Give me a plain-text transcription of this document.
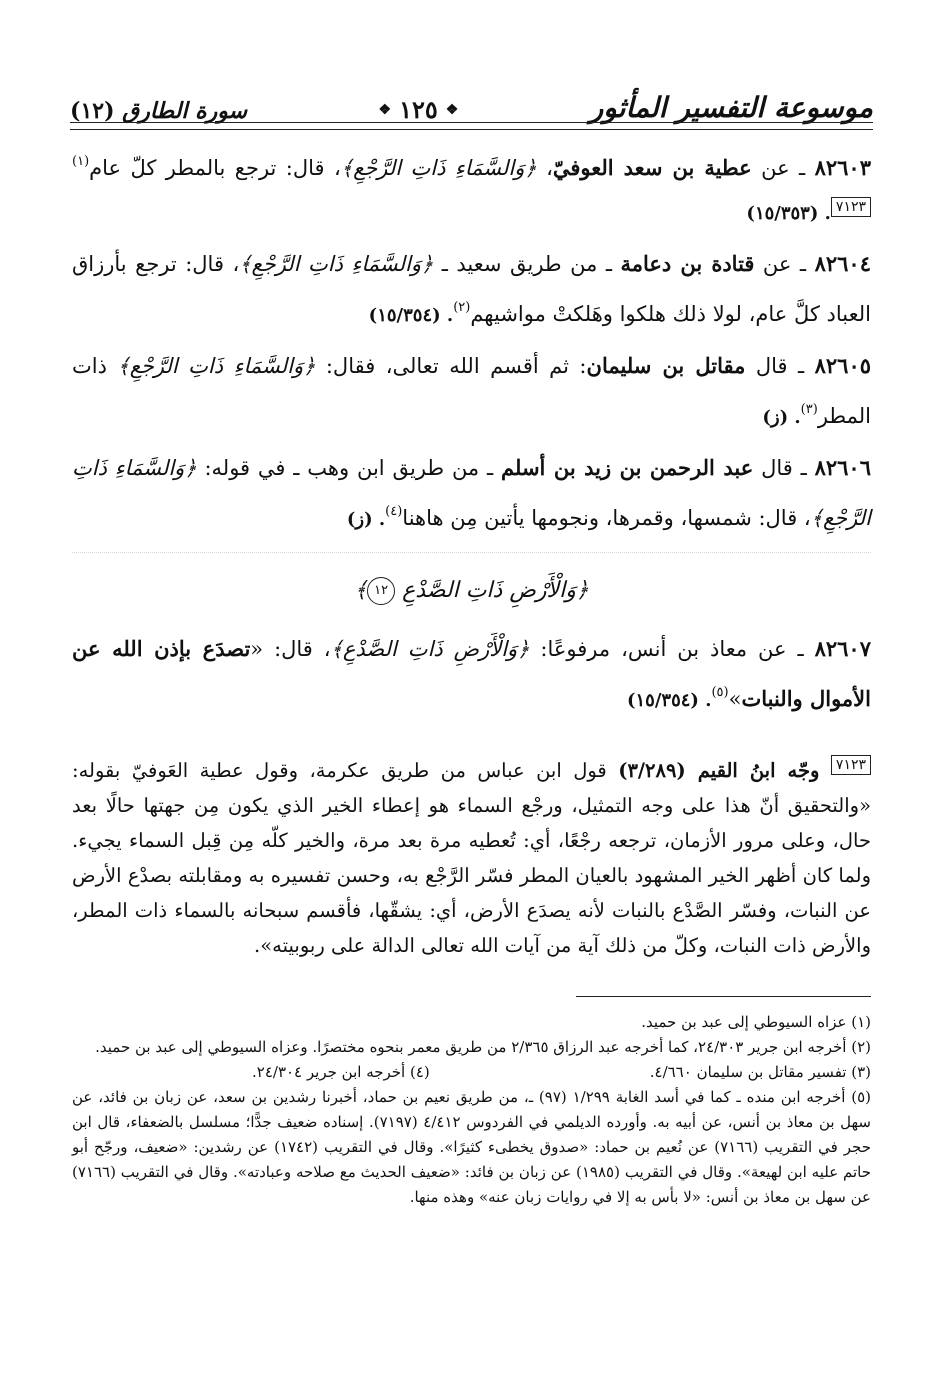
موسوعة التفسير المأثور
❖
١٢٥
❖
سورة الطارق (١٢)

٨٢٦٠٣ ـ عن عطية بن سعد العوفيّ، ﴿وَالسَّمَاءِ ذَاتِ الرَّجْعِ﴾، قال: ترجع بالمطر كلّ عام$^{(١)}$٧١٢٣. (١٥/٣٥٣)

٨٢٦٠٤ ـ عن قتادة بن دعامة ـ من طريق سعيد ـ ﴿وَالسَّمَاءِ ذَاتِ الرَّجْعِ﴾، قال: ترجع بأرزاق العباد كلَّ عام، لولا ذلك هلكوا وهَلكتْ مواشيهم$^{(٢)}$. (١٥/٣٥٤)

٨٢٦٠٥ ـ قال مقاتل بن سليمان: ثم أقسم الله تعالى، فقال: ﴿وَالسَّمَاءِ ذَاتِ الرَّجْعِ﴾ ذات المطر$^{(٣)}$. (ز)

٨٢٦٠٦ ـ قال عبد الرحمن بن زيد بن أسلم ـ من طريق ابن وهب ـ في قوله: ﴿وَالسَّمَاءِ ذَاتِ الرَّجْعِ﴾، قال: شمسها، وقمرها، ونجومها يأتين مِن هاهنا$^{(٤)}$. (ز)

﴿وَالْأَرْضِ ذَاتِ الصَّدْعِ ١٢﴾

٨٢٦٠٧ ـ عن معاذ بن أنس، مرفوعًا: ﴿وَالْأَرْضِ ذَاتِ الصَّدْعِ﴾، قال: «تصدَع بإذن الله عن الأموال والنبات»$^{(٥)}$. (١٥/٣٥٤)

٧١٢٣ وجّه ابنُ القيم (٣/٢٨٩) قول ابن عباس من طريق عكرمة، وقول عطية العَوفيّ بقوله: «والتحقيق أنّ هذا على وجه التمثيل، ورجْع السماء هو إعطاء الخير الذي يكون مِن جهتها حالًا بعد حال، وعلى مرور الأزمان، ترجعه رجْعًا، أي: تُعطيه مرة بعد مرة، والخير كلّه مِن قِبل السماء يجيء. ولما كان أظهر الخير المشهود بالعيان المطر فسّر الرَّجْع به، وحسن تفسيره به ومقابلته بصدْع الأرض عن النبات، وفسّر الصَّدْع بالنبات لأنه يصدَع الأرض، أي: يشقّها، فأقسم سبحانه بالسماء ذات المطر، والأرض ذات النبات، وكلّ من ذلك آية من آيات الله تعالى الدالة على ربوبيته».

(١) عزاه السيوطي إلى عبد بن حميد.

(٢) أخرجه ابن جرير ٢٤/٣٠٣، كما أخرجه عبد الرزاق ٢/٣٦٥ من طريق معمر بنحوه مختصرًا. وعزاه السيوطي إلى عبد بن حميد.

(٣) تفسير مقاتل بن سليمان ٤/٦٦٠.

(٤) أخرجه ابن جرير ٢٤/٣٠٤.

(٥) أخرجه ابن منده ـ كما في أسد الغابة ١/٢٩٩ (٩٧) ـ، من طريق نعيم بن حماد، أخبرنا رشدين بن سعد، عن زبان بن فائد، عن سهل بن معاذ بن أنس، عن أبيه به. وأورده الديلمي في الفردوس ٤/٤١٢ (٧١٩٧). إسناده ضعيف جدًّا؛ مسلسل بالضعفاء، قال ابن حجر في التقريب (٧١٦٦) عن نُعيم بن حماد: «صدوق يخطىء كثيرًا». وقال في التقريب (١٧٤٢) عن رشدين: «ضعيف، ورجّح أبو حاتم عليه ابن لهيعة». وقال في التقريب (١٩٨٥) عن زبان بن فائد: «ضعيف الحديث مع صلاحه وعبادته». وقال في التقريب (٧١٦٦) عن سهل بن معاذ بن أنس: «لا بأس به إلا في روايات زبان عنه» وهذه منها.
